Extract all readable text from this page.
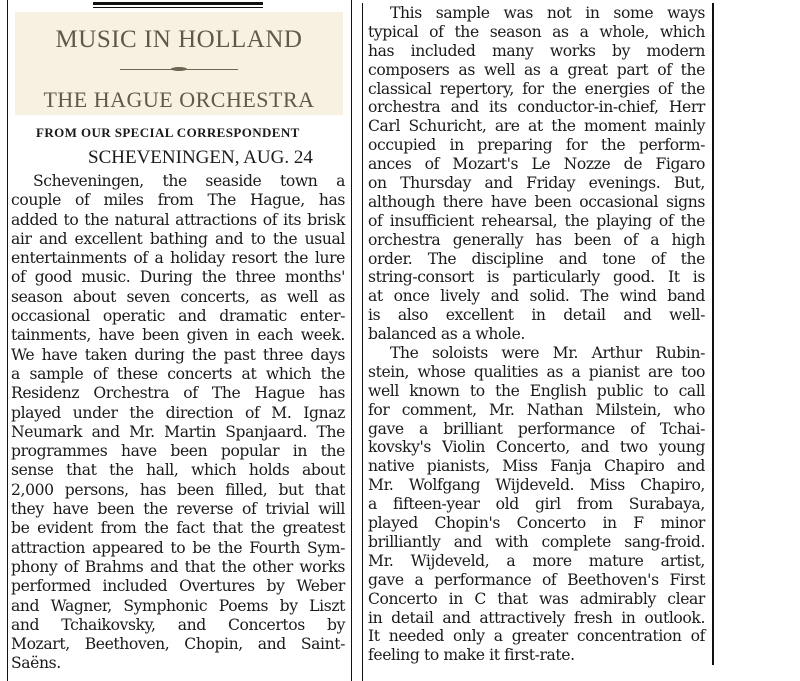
MUSIC IN HOLLAND
THE HAGUE ORCHESTRA
FROM OUR SPECIAL CORRESPONDENT
SCHEVENINGEN, AUG. 24
Scheveningen, the seaside town a
couple of miles from The Hague, has
added to the natural attractions of its brisk
air and excellent bathing and to the usual
entertainments of a holiday resort the lure
of good music. During the three months'
season about seven concerts, as well as
occasional operatic and dramatic enter-
tainments, have been given in each week.
We have taken during the past three days
a sample of these concerts at which the
Residenz Orchestra of The Hague has
played under the direction of M. Ignaz
Neumark and Mr. Martin Spanjaard. The
programmes have been popular in the
sense that the hall, which holds about
2,000 persons, has been filled, but that
they have been the reverse of trivial will
be evident from the fact that the greatest
attraction appeared to be the Fourth Sym-
phony of Brahms and that the other works
performed included Overtures by Weber
and Wagner, Symphonic Poems by Liszt
and Tchaikovsky, and Concertos by
Mozart, Beethoven, Chopin, and Saint-
Saëns.
This sample was not in some ways
typical of the season as a whole, which
has included many works by modern
composers as well as a great part of the
classical repertory, for the energies of the
orchestra and its conductor-in-chief, Herr
Carl Schuricht, are at the moment mainly
occupied in preparing for the perform-
ances of Mozart's Le Nozze de Figaro
on Thursday and Friday evenings. But,
although there have been occasional signs
of insufficient rehearsal, the playing of the
orchestra generally has been of a high
order. The discipline and tone of the
string-consort is particularly good. It is
at once lively and solid. The wind band
is also excellent in detail and well-
balanced as a whole.
The soloists were Mr. Arthur Rubin-
stein, whose qualities as a pianist are too
well known to the English public to call
for comment, Mr. Nathan Milstein, who
gave a brilliant performance of Tchai-
kovsky's Violin Concerto, and two young
native pianists, Miss Fanja Chapiro and
Mr. Wolfgang Wijdeveld. Miss Chapiro,
a fifteen-year old girl from Surabaya,
played Chopin's Concerto in F minor
brilliantly and with complete sang-froid.
Mr. Wijdeveld, a more mature artist,
gave a performance of Beethoven's First
Concerto in C that was admirably clear
in detail and attractively fresh in outlook.
It needed only a greater concentration of
feeling to make it first-rate.
